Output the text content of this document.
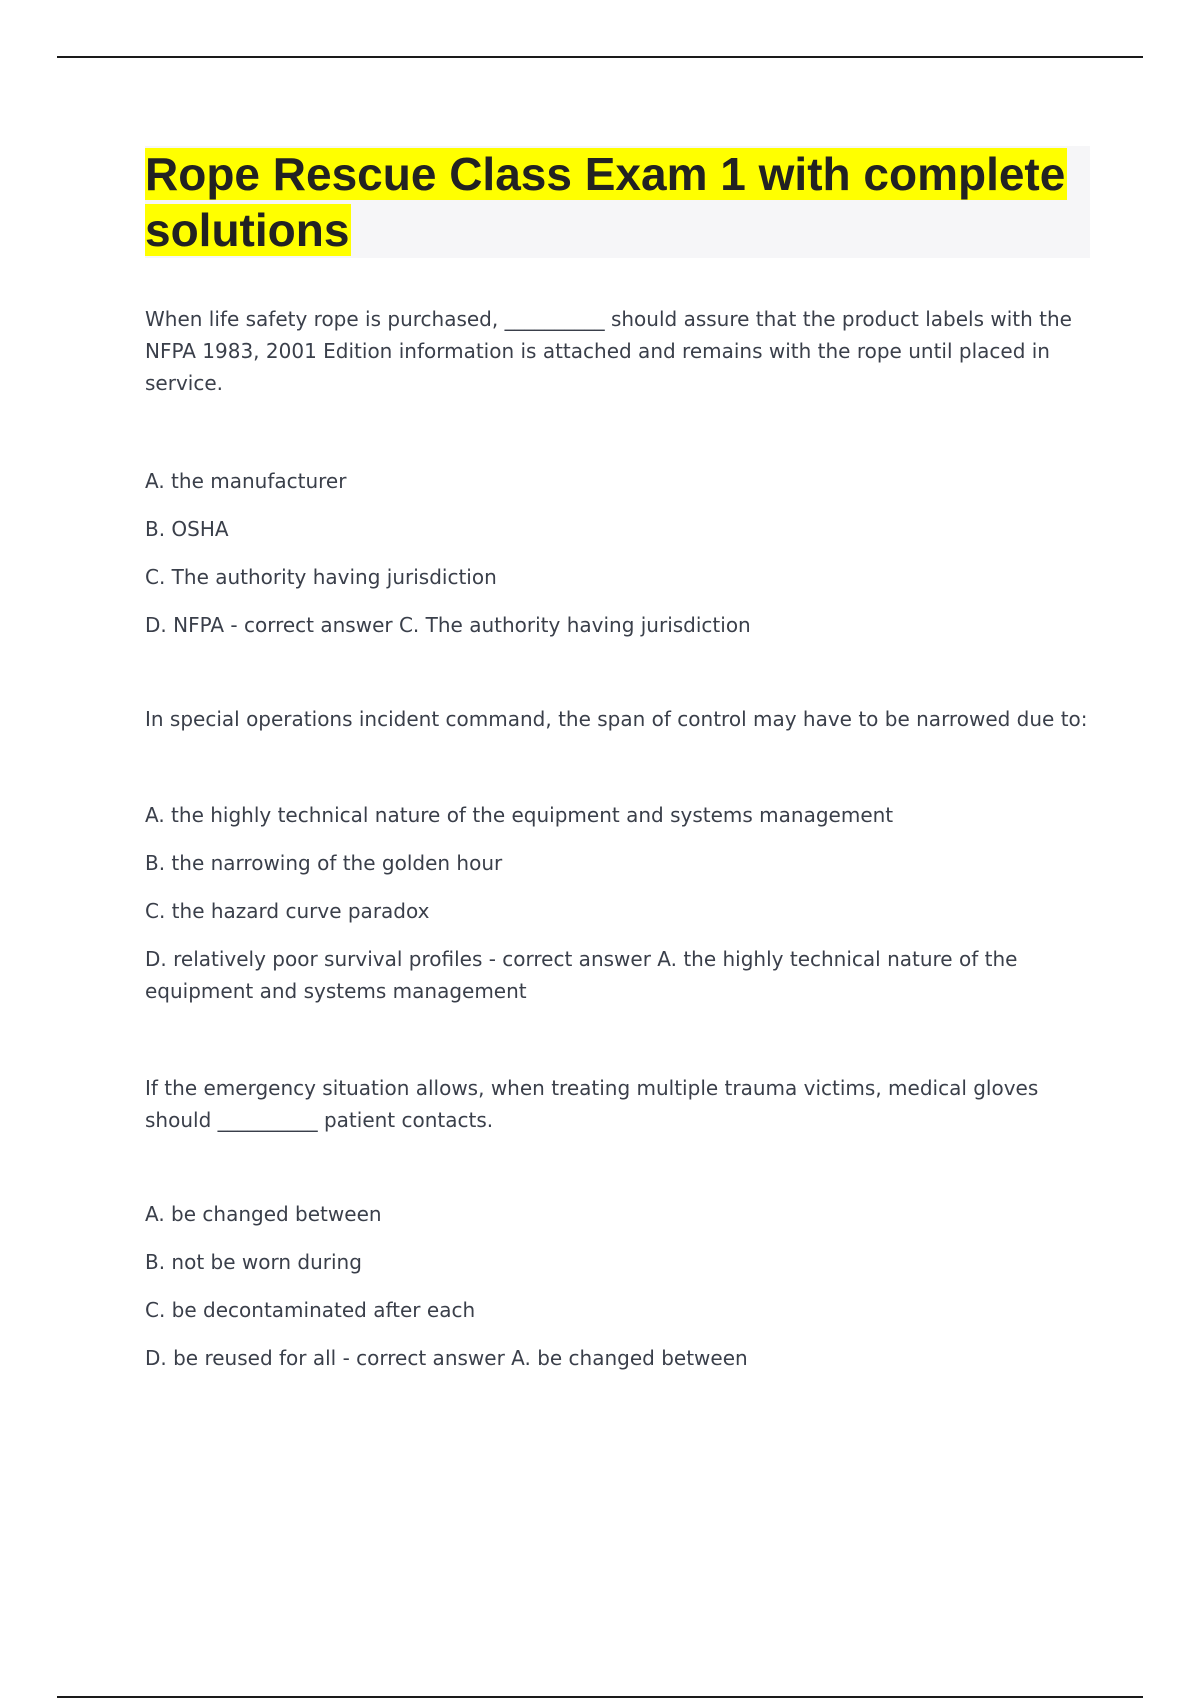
Rope Rescue Class Exam 1 with complete solutions

When life safety rope is purchased, __________ should assure that the product labels with the NFPA 1983, 2001 Edition information is attached and remains with the rope until placed in service.

A. the manufacturer
B. OSHA
C. The authority having jurisdiction
D. NFPA - correct answer C. The authority having jurisdiction

In special operations incident command, the span of control may have to be narrowed due to:

A. the highly technical nature of the equipment and systems management
B. the narrowing of the golden hour
C. the hazard curve paradox
D. relatively poor survival profiles - correct answer A. the highly technical nature of the equipment and systems management

If the emergency situation allows, when treating multiple trauma victims, medical gloves should __________ patient contacts.

A. be changed between
B. not be worn during
C. be decontaminated after each
D. be reused for all - correct answer A. be changed between
